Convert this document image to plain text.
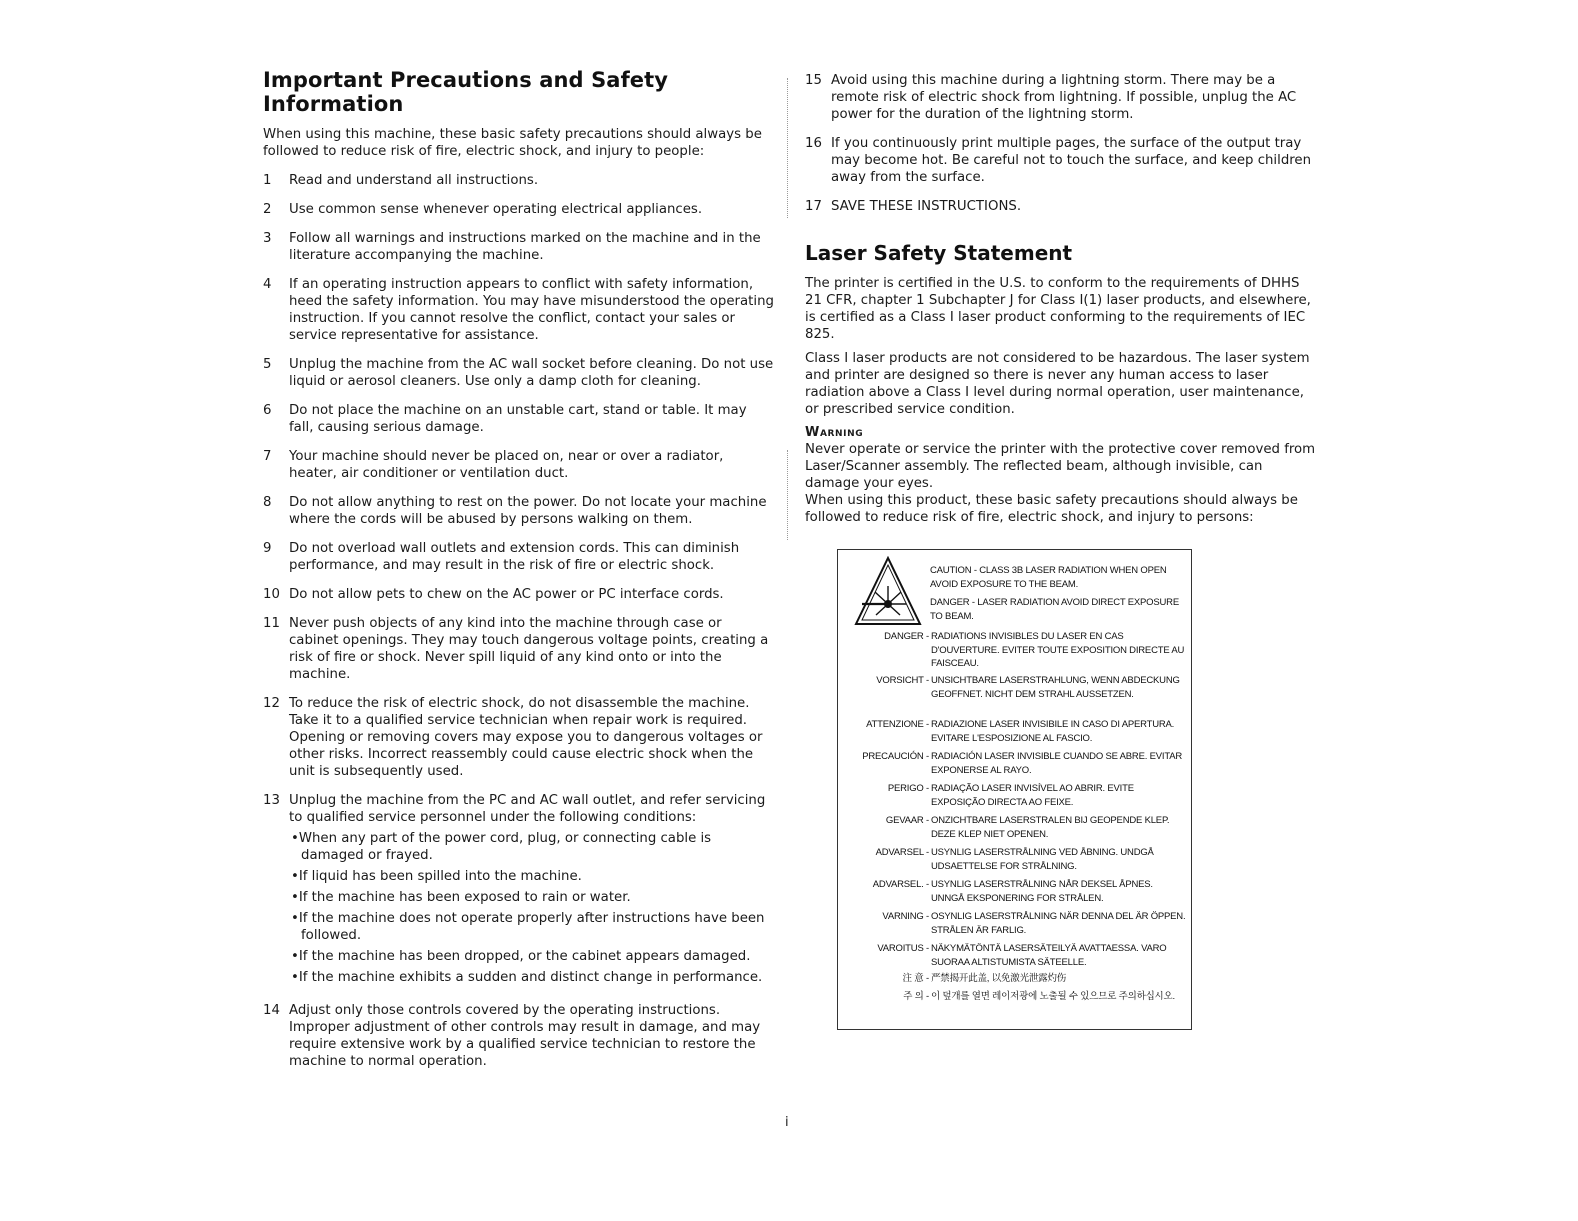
Important Precautions and Safety Information

When using this machine, these basic safety precautions should always be followed to reduce risk of fire, electric shock, and injury to people:

1	Read and understand all instructions.
2	Use common sense whenever operating electrical appliances.
3	Follow all warnings and instructions marked on the machine and in the literature accompanying the machine.
4	If an operating instruction appears to conflict with safety information, heed the safety information. You may have misunderstood the operating instruction. If you cannot resolve the conflict, contact your sales or service representative for assistance.
5	Unplug the machine from the AC wall socket before cleaning. Do not use liquid or aerosol cleaners. Use only a damp cloth for cleaning.
6	Do not place the machine on an unstable cart, stand or table. It may fall, causing serious damage.
7	Your machine should never be placed on, near or over a radiator, heater, air conditioner or ventilation duct.
8	Do not allow anything to rest on the power. Do not locate your machine where the cords will be abused by persons walking on them.
9	Do not overload wall outlets and extension cords. This can diminish performance, and may result in the risk of fire or electric shock.
10 Do not allow pets to chew on the AC power or PC interface cords.
11 Never push objects of any kind into the machine through case or cabinet openings. They may touch dangerous voltage points, creating a risk of fire or shock. Never spill liquid of any kind onto or into the machine.
12 To reduce the risk of electric shock, do not disassemble the machine. Take it to a qualified service technician when repair work is required. Opening or removing covers may expose you to dangerous voltages or other risks. Incorrect reassembly could cause electric shock when the unit is subsequently used.
13 Unplug the machine from the PC and AC wall outlet, and refer servicing to qualified service personnel under the following conditions:
• When any part of the power cord, plug, or connecting cable is damaged or frayed.
• If liquid has been spilled into the machine.
• If the machine has been exposed to rain or water.
• If the machine does not operate properly after instructions have been followed.
• If the machine has been dropped, or the cabinet appears damaged.
• If the machine exhibits a sudden and distinct change in performance.
14 Adjust only those controls covered by the operating instructions. Improper adjustment of other controls may result in damage, and may require extensive work by a qualified service technician to restore the machine to normal operation.
15 Avoid using this machine during a lightning storm. There may be a remote risk of electric shock from lightning. If possible, unplug the AC power for the duration of the lightning storm.
16 If you continuously print multiple pages, the surface of the output tray may become hot. Be careful not to touch the surface, and keep children away from the surface.
17 SAVE THESE INSTRUCTIONS.
Laser Safety Statement

The printer is certified in the U.S. to conform to the requirements of DHHS 21 CFR, chapter 1 Subchapter J for Class I(1) laser products, and elsewhere, is certified as a Class I laser product conforming to the requirements of IEC 825.

Class I laser products are not considered to be hazardous. The laser system and printer are designed so there is never any human access to laser radiation above a Class I level during normal operation, user maintenance, or prescribed service condition.

Warning

Never operate or service the printer with the protective cover removed from Laser/Scanner assembly. The reflected beam, although invisible, can damage your eyes.

When using this product, these basic safety precautions should always be followed to reduce risk of fire, electric shock, and injury to persons:

CAUTION - CLASS 3B LASER RADIATION WHEN OPEN AVOID EXPOSURE TO THE BEAM.
DANGER - LASER RADIATION AVOID DIRECT EXPOSURE TO BEAM.
DANGER - RADIATIONS INVISIBLES DU LASER EN CAS D'OUVERTURE. EVITER TOUTE EXPOSITION DIRECTE AU FAISCEAU.
VORSICHT - UNSICHTBARE LASERSTRAHLUNG, WENN ABDECKUNG GEOFFNET. NICHT DEM STRAHL AUSSETZEN.
ATTENZIONE - RADIAZIONE LASER INVISIBILE IN CASO DI APERTURA. EVITARE L'ESPOSIZIONE AL FASCIO.
PRECAUCIÓN - RADIACIÓN LASER INVISIBLE CUANDO SE ABRE. EVITAR EXPONERSE AL RAYO.
PERIGO - RADIAÇÃO LASER INVISÍVEL AO ABRIR. EVITE EXPOSIÇÃO DIRECTA AO FEIXE.
GEVAAR - ONZICHTBARE LASERSTRALEN BIJ GEOPENDE KLEP. DEZE KLEP NIET OPENEN.
ADVARSEL - USYNLIG LASERSTRÅLNING VED ÅBNING. UNDGÅ UDSAETTELSE FOR STRÅLNING.
ADVARSEL. - USYNLIG LASERSTRÅLNING NÅR DEKSEL ÅPNES. UNNGÅ EKSPONERING FOR STRÅLEN.
VARNING - OSYNLIG LASERSTRÅLNING NÄR DENNA DEL ÄR ÖPPEN. STRÅLEN ÄR FARLIG.
VAROITUS - NÄKYMÄTÖNTÄ LASERSÄTEILYÄ AVATTAESSA. VARO SUORAA ALTISTUMISTA SÄTEELLE.
注 意 - 严禁揭开此盖, 以免激光泄露灼伤
주 의 - 이 덮개를 열면 레이저광에 노출될 수 있으므로 주의하십시오.
i
